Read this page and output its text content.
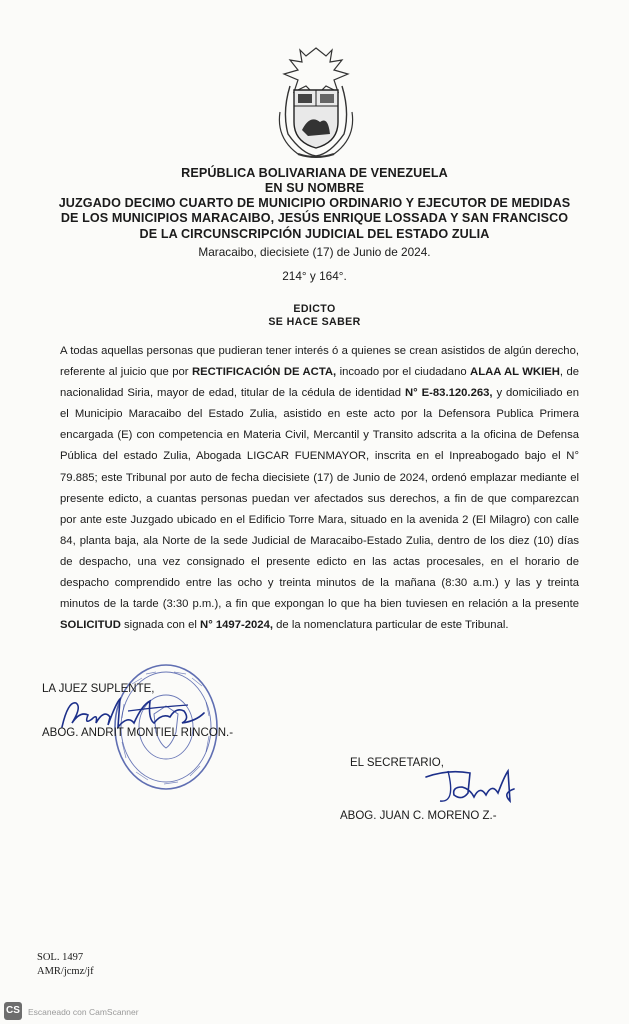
REPÚBLICA BOLIVARIANA DE VENEZUELA
EN SU NOMBRE
JUZGADO DECIMO CUARTO DE MUNICIPIO ORDINARIO Y EJECUTOR DE MEDIDAS
DE LOS MUNICIPIOS MARACAIBO, JESÚS ENRIQUE LOSSADA Y SAN FRANCISCO
DE LA CIRCUNSCRIPCIÓN JUDICIAL DEL ESTADO ZULIA
Maracaibo, diecisiete (17) de Junio de 2024.
214° y 164°.
EDICTO
SE HACE SABER
A todas aquellas personas que pudieran tener interés ó a quienes se crean asistidos de algún derecho, referente al juicio que por RECTIFICACIÓN DE ACTA, incoado por el ciudadano ALAA AL WKIEH, de nacionalidad Siria, mayor de edad, titular de la cédula de identidad N° E-83.120.263, y domiciliado en el Municipio Maracaibo del Estado Zulia, asistido en este acto por la Defensora Publica Primera encargada (E) con competencia en Materia Civil, Mercantil y Transito adscrita a la oficina de Defensa Pública del estado Zulia, Abogada LIGCAR FUENMAYOR, inscrita en el Inpreabogado bajo el N° 79.885; este Tribunal por auto de fecha diecisiete (17) de Junio de 2024, ordenó emplazar mediante el presente edicto, a cuantas personas puedan ver afectados sus derechos, a fin de que comparezcan por ante este Juzgado ubicado en el Edificio Torre Mara, situado en la avenida 2 (El Milagro) con calle 84, planta baja, ala Norte de la sede Judicial de Maracaibo-Estado Zulia, dentro de los diez (10) días de despacho, una vez consignado el presente edicto en las actas procesales, en el horario de despacho comprendido entre las ocho y treinta minutos de la mañana (8:30 a.m.) y las y treinta minutos de la tarde (3:30 p.m.), a fin que expongan lo que ha bien tuviesen en relación a la presente SOLICITUD signada con el N° 1497-2024, de la nomenclatura particular de este Tribunal.
LA JUEZ SUPLENTE,
ABOG. ANDRIT MONTIEL RINCON.-
EL SECRETARIO,
ABOG. JUAN C. MORENO Z.-
SOL. 1497
AMR/jcmz/jf
CS Escaneado con CamScanner
